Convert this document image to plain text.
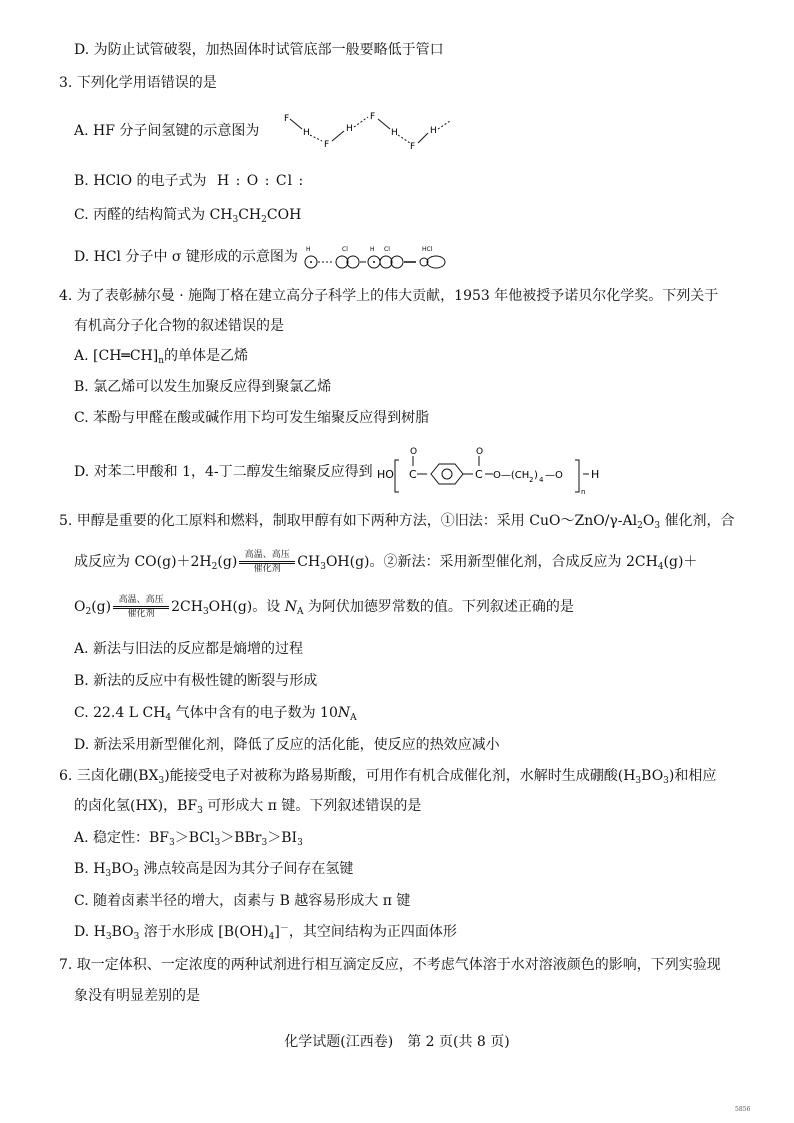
D. 为防止试管破裂，加热固体时试管底部一般要略低于管口
3. 下列化学用语错误的是
A. HF 分子间氢键的示意图为
F
H
F
H
F
H
F
H
B. HClO 的电子式为 H : O : Cl :
C. 丙醛的结构简式为 $CH_3CH_2COH$
D. HCl 分子中 σ 键形成的示意图为 H	Cl	H Cl	HCl
4. 为了表彰赫尔曼 · 施陶丁格在建立高分子科学上的伟大贡献，1953 年他被授予诺贝尔化学奖。下列关于
有机高分子化合物的叙述错误的是
A. $[CH═CH]_n$的单体是乙烯
B. 氯乙烯可以发生加聚反应得到聚氯乙烯
C. 苯酚与甲醛在酸或碱作用下均可发生缩聚反应得到树脂
D. 对苯二甲酸和 1，4-丁二醇发生缩聚反应得到 HO C
O
C
O
O—(CH 2 ) 4 —O
n
H
5. 甲醇是重要的化工原料和燃料，制取甲醇有如下两种方法，①旧法：采用 $CuO\sim ZnO/\gamma-Al_2O_3$ 催化剂，合
成反应为 $CO(g)+2H_2(g)$ 高温、高压
催化剂	$CH_3OH(g)$。②新法：采用新型催化剂，合成反应为 $2CH_4(g)+$
$O_2(g)$ 高温、高压
催化剂	$2CH_3OH(g)$。设 $N_A$ 为阿伏加德罗常数的值。下列叙述正确的是
A. 新法与旧法的反应都是熵增的过程
B. 新法的反应中有极性键的断裂与形成
C. 22.4 L $CH_4$ 气体中含有的电子数为 $10N_A$
D. 新法采用新型催化剂，降低了反应的活化能，使反应的热效应减小
6. 三卤化硼$(BX_3)$能接受电子对被称为路易斯酸，可用作有机合成催化剂，水解时生成硼酸$(H_3BO_3)$和相应
的卤化氢(HX)，$BF_3$ 可形成大 π 键。下列叙述错误的是
A. 稳定性：$BF_3>BCl_3>BBr_3>BI_3$
B. $H_3BO_3$ 沸点较高是因为其分子间存在氢键
C. 随着卤素半径的增大，卤素与 B 越容易形成大 π 键
D. $H_3BO_3$ 溶于水形成 $[B(OH)_4]^-$，其空间结构为正四面体形
7. 取一定体积、一定浓度的两种试剂进行相互滴定反应，不考虑气体溶于水对溶液颜色的影响，下列实验现
象没有明显差别的是
化学试题(江西卷)　第 2 页(共 8 页)
5856
